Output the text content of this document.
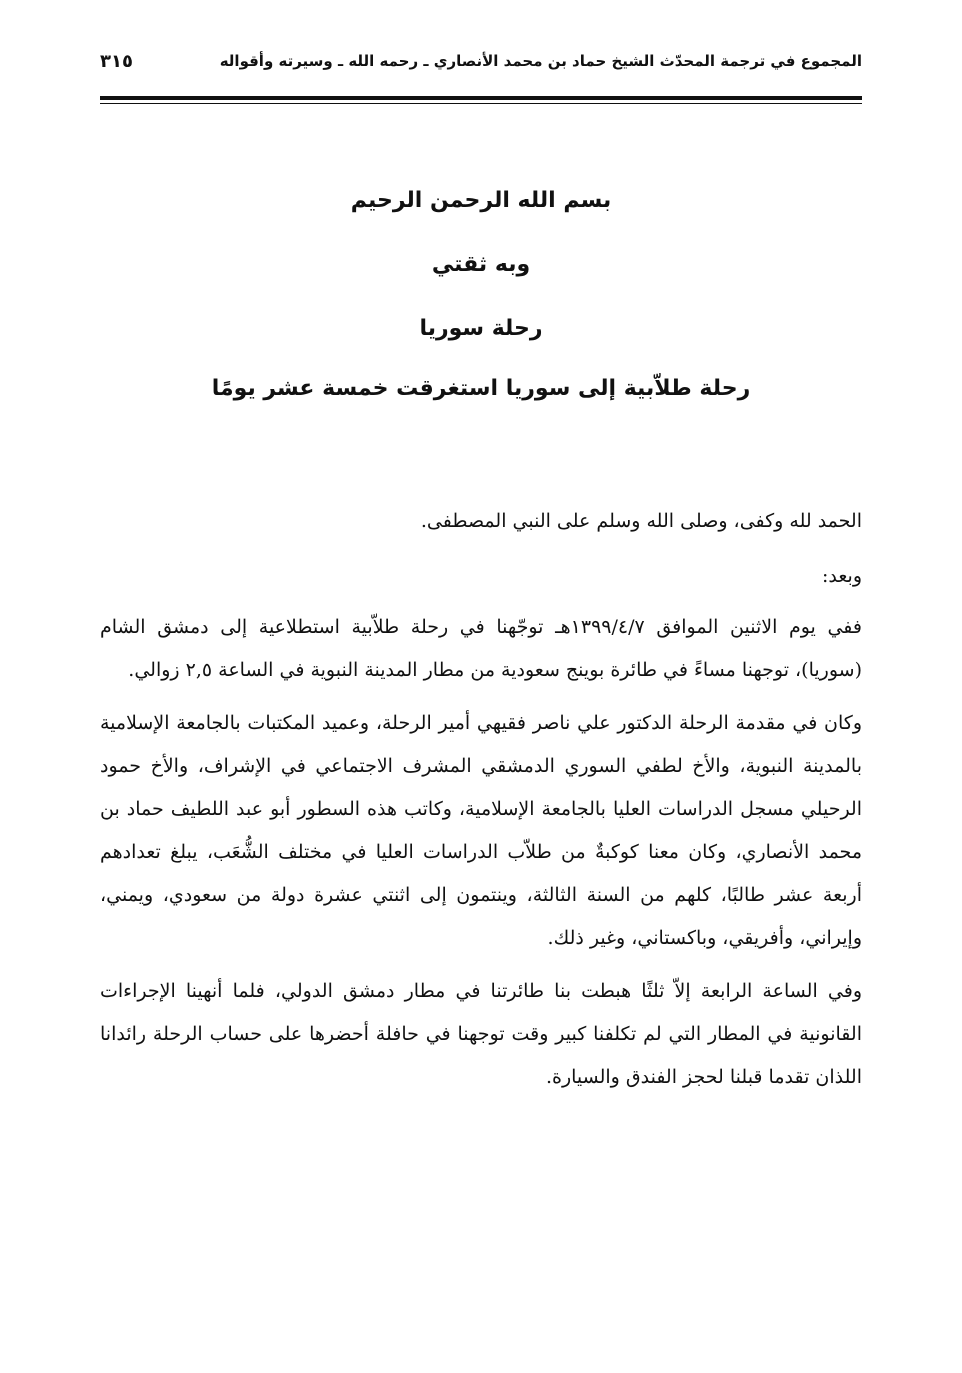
المجموع في ترجمة المحدّث الشيخ حماد بن محمد الأنصاري ـ رحمه الله ـ وسيرته وأقواله
٣١٥

بسم الله الرحمن الرحيم

وبه ثقتي

رحلة سوريا

رحلة طلاّبية إلى سوريا استغرقت خمسة عشر يومًا

الحمد لله وكفى، وصلى الله وسلم على النبي المصطفى.

وبعد:

ففي يوم الاثنين الموافق ١٣٩٩/٤/٧هـ توجّهنا في رحلة طلاّبية استطلاعية إلى دمشق الشام (سوريا)، توجهنا مساءً في طائرة بوينج سعودية من مطار المدينة النبوية في الساعة ٢,٥ زوالي.

وكان في مقدمة الرحلة الدكتور علي ناصر فقيهي أمير الرحلة، وعميد المكتبات بالجامعة الإسلامية بالمدينة النبوية، والأخ لطفي السوري الدمشقي المشرف الاجتماعي في الإشراف، والأخ حمود الرحيلي مسجل الدراسات العليا بالجامعة الإسلامية، وكاتب هذه السطور أبو عبد اللطيف حماد بن محمد الأنصاري، وكان معنا كوكبةٌ من طلاّب الدراسات العليا في مختلف الشُّعَب، يبلغ تعدادهم أربعة عشر طالبًا، كلهم من السنة الثالثة، وينتمون إلى اثنتي عشرة دولة من سعودي، ويمني، وإيراني، وأفريقي، وباكستاني، وغير ذلك.

وفي الساعة الرابعة إلاّ ثلثًا هبطت بنا طائرتنا في مطار دمشق الدولي، فلما أنهينا الإجراءات القانونية في المطار التي لم تكلفنا كبير وقت توجهنا في حافلة أحضرها على حساب الرحلة رائدانا اللذان تقدما قبلنا لحجز الفندق والسيارة.
